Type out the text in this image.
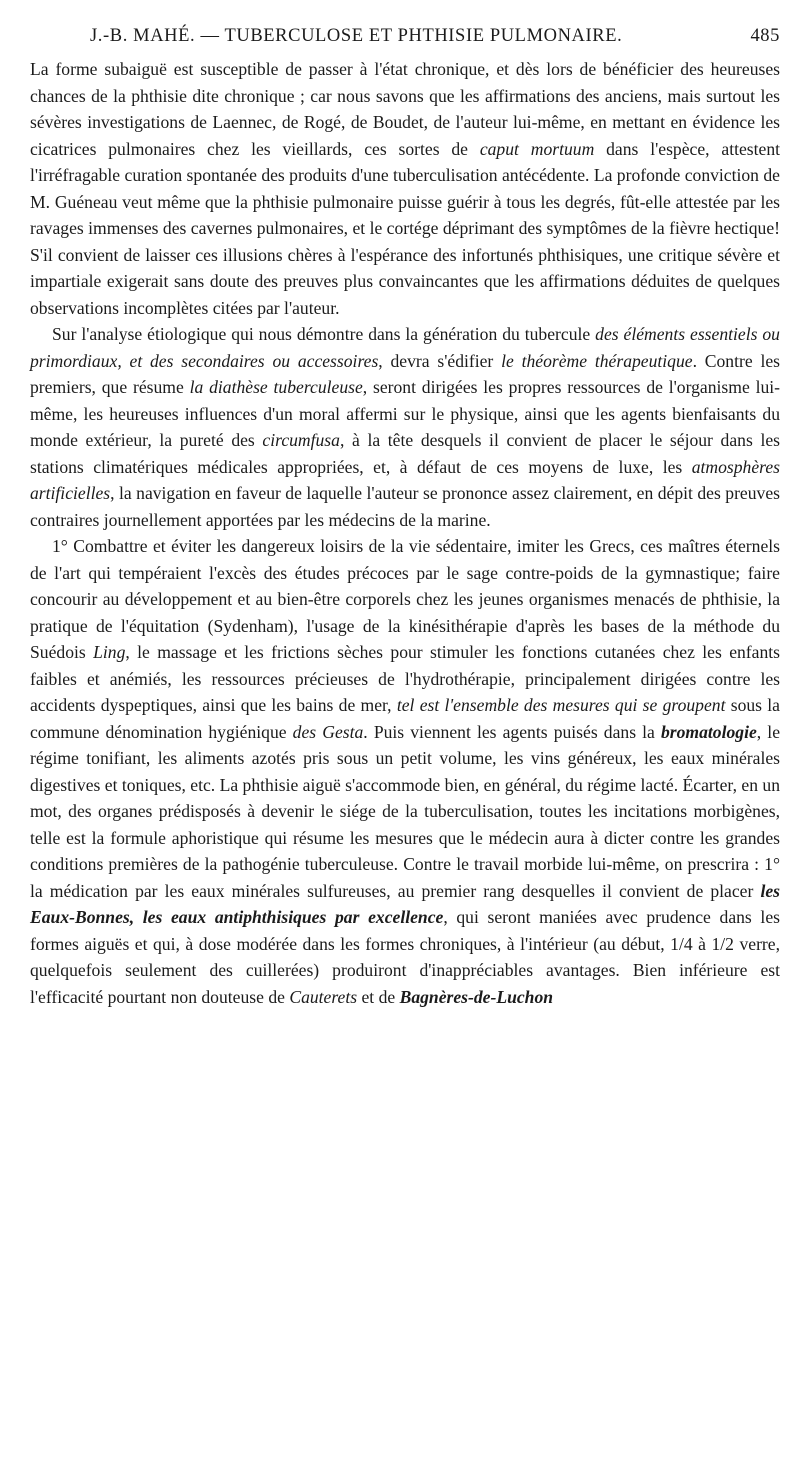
J.-B. MAHÉ. — TUBERCULOSE ET PHTHISIE PULMONAIRE.	485

La forme subaiguë est susceptible de passer à l'état chronique, et dès lors de bénéficier des heureuses chances de la phthisie dite chronique ; car nous savons que les affirmations des anciens, mais surtout les sévères investigations de Laennec, de Rogé, de Boudet, de l'auteur lui-même, en mettant en évidence les cicatrices pulmonaires chez les vieillards, ces sortes de caput mortuum dans l'espèce, attestent l'irréfragable curation spontanée des produits d'une tuberculisation antécédente. La profonde conviction de M. Guéneau veut même que la phthisie pulmonaire puisse guérir à tous les degrés, fût-elle attestée par les ravages immenses des cavernes pulmonaires, et le cortége déprimant des symptômes de la fièvre hectique! S'il convient de laisser ces illusions chères à l'espérance des infortunés phthisiques, une critique sévère et impartiale exigerait sans doute des preuves plus convaincantes que les affirmations déduites de quelques observations incomplètes citées par l'auteur.

Sur l'analyse étiologique qui nous démontre dans la génération du tubercule des éléments essentiels ou primordiaux, et des secondaires ou accessoires, devra s'édifier le théorème thérapeutique. Contre les premiers, que résume la diathèse tuberculeuse, seront dirigées les propres ressources de l'organisme lui-même, les heureuses influences d'un moral affermi sur le physique, ainsi que les agents bienfaisants du monde extérieur, la pureté des circumfusa, à la tête desquels il convient de placer le séjour dans les stations climatériques médicales appropriées, et, à défaut de ces moyens de luxe, les atmosphères artificielles, la navigation en faveur de laquelle l'auteur se prononce assez clairement, en dépit des preuves contraires journellement apportées par les médecins de la marine.

1° Combattre et éviter les dangereux loisirs de la vie sédentaire, imiter les Grecs, ces maîtres éternels de l'art qui tempéraient l'excès des études précoces par le sage contre-poids de la gymnastique; faire concourir au développement et au bien-être corporels chez les jeunes organismes menacés de phthisie, la pratique de l'équitation (Sydenham), l'usage de la kinésithérapie d'après les bases de la méthode du Suédois Ling, le massage et les frictions sèches pour stimuler les fonctions cutanées chez les enfants faibles et anémiés, les ressources précieuses de l'hydrothérapie, principalement dirigées contre les accidents dyspeptiques, ainsi que les bains de mer, tel est l'ensemble des mesures qui se groupent sous la commune dénomination hygiénique des Gesta. Puis viennent les agents puisés dans la bromatologie, le régime tonifiant, les aliments azotés pris sous un petit volume, les vins généreux, les eaux minérales digestives et toniques, etc. La phthisie aiguë s'accommode bien, en général, du régime lacté. Écarter, en un mot, des organes prédisposés à devenir le siége de la tuberculisation, toutes les incitations morbigènes, telle est la formule aphoristique qui résume les mesures que le médecin aura à dicter contre les grandes conditions premières de la pathogénie tuberculeuse. Contre le travail morbide lui-même, on prescrira : 1° la médication par les eaux minérales sulfureuses, au premier rang desquelles il convient de placer les Eaux-Bonnes, les eaux antiphthisiques par excellence, qui seront maniées avec prudence dans les formes aiguës et qui, à dose modérée dans les formes chroniques, à l'intérieur (au début, 1/4 à 1/2 verre, quelquefois seulement des cuillerées) produiront d'inappréciables avantages. Bien inférieure est l'efficacité pourtant non douteuse de Cauterets et de Bagnères-de-Luchon
